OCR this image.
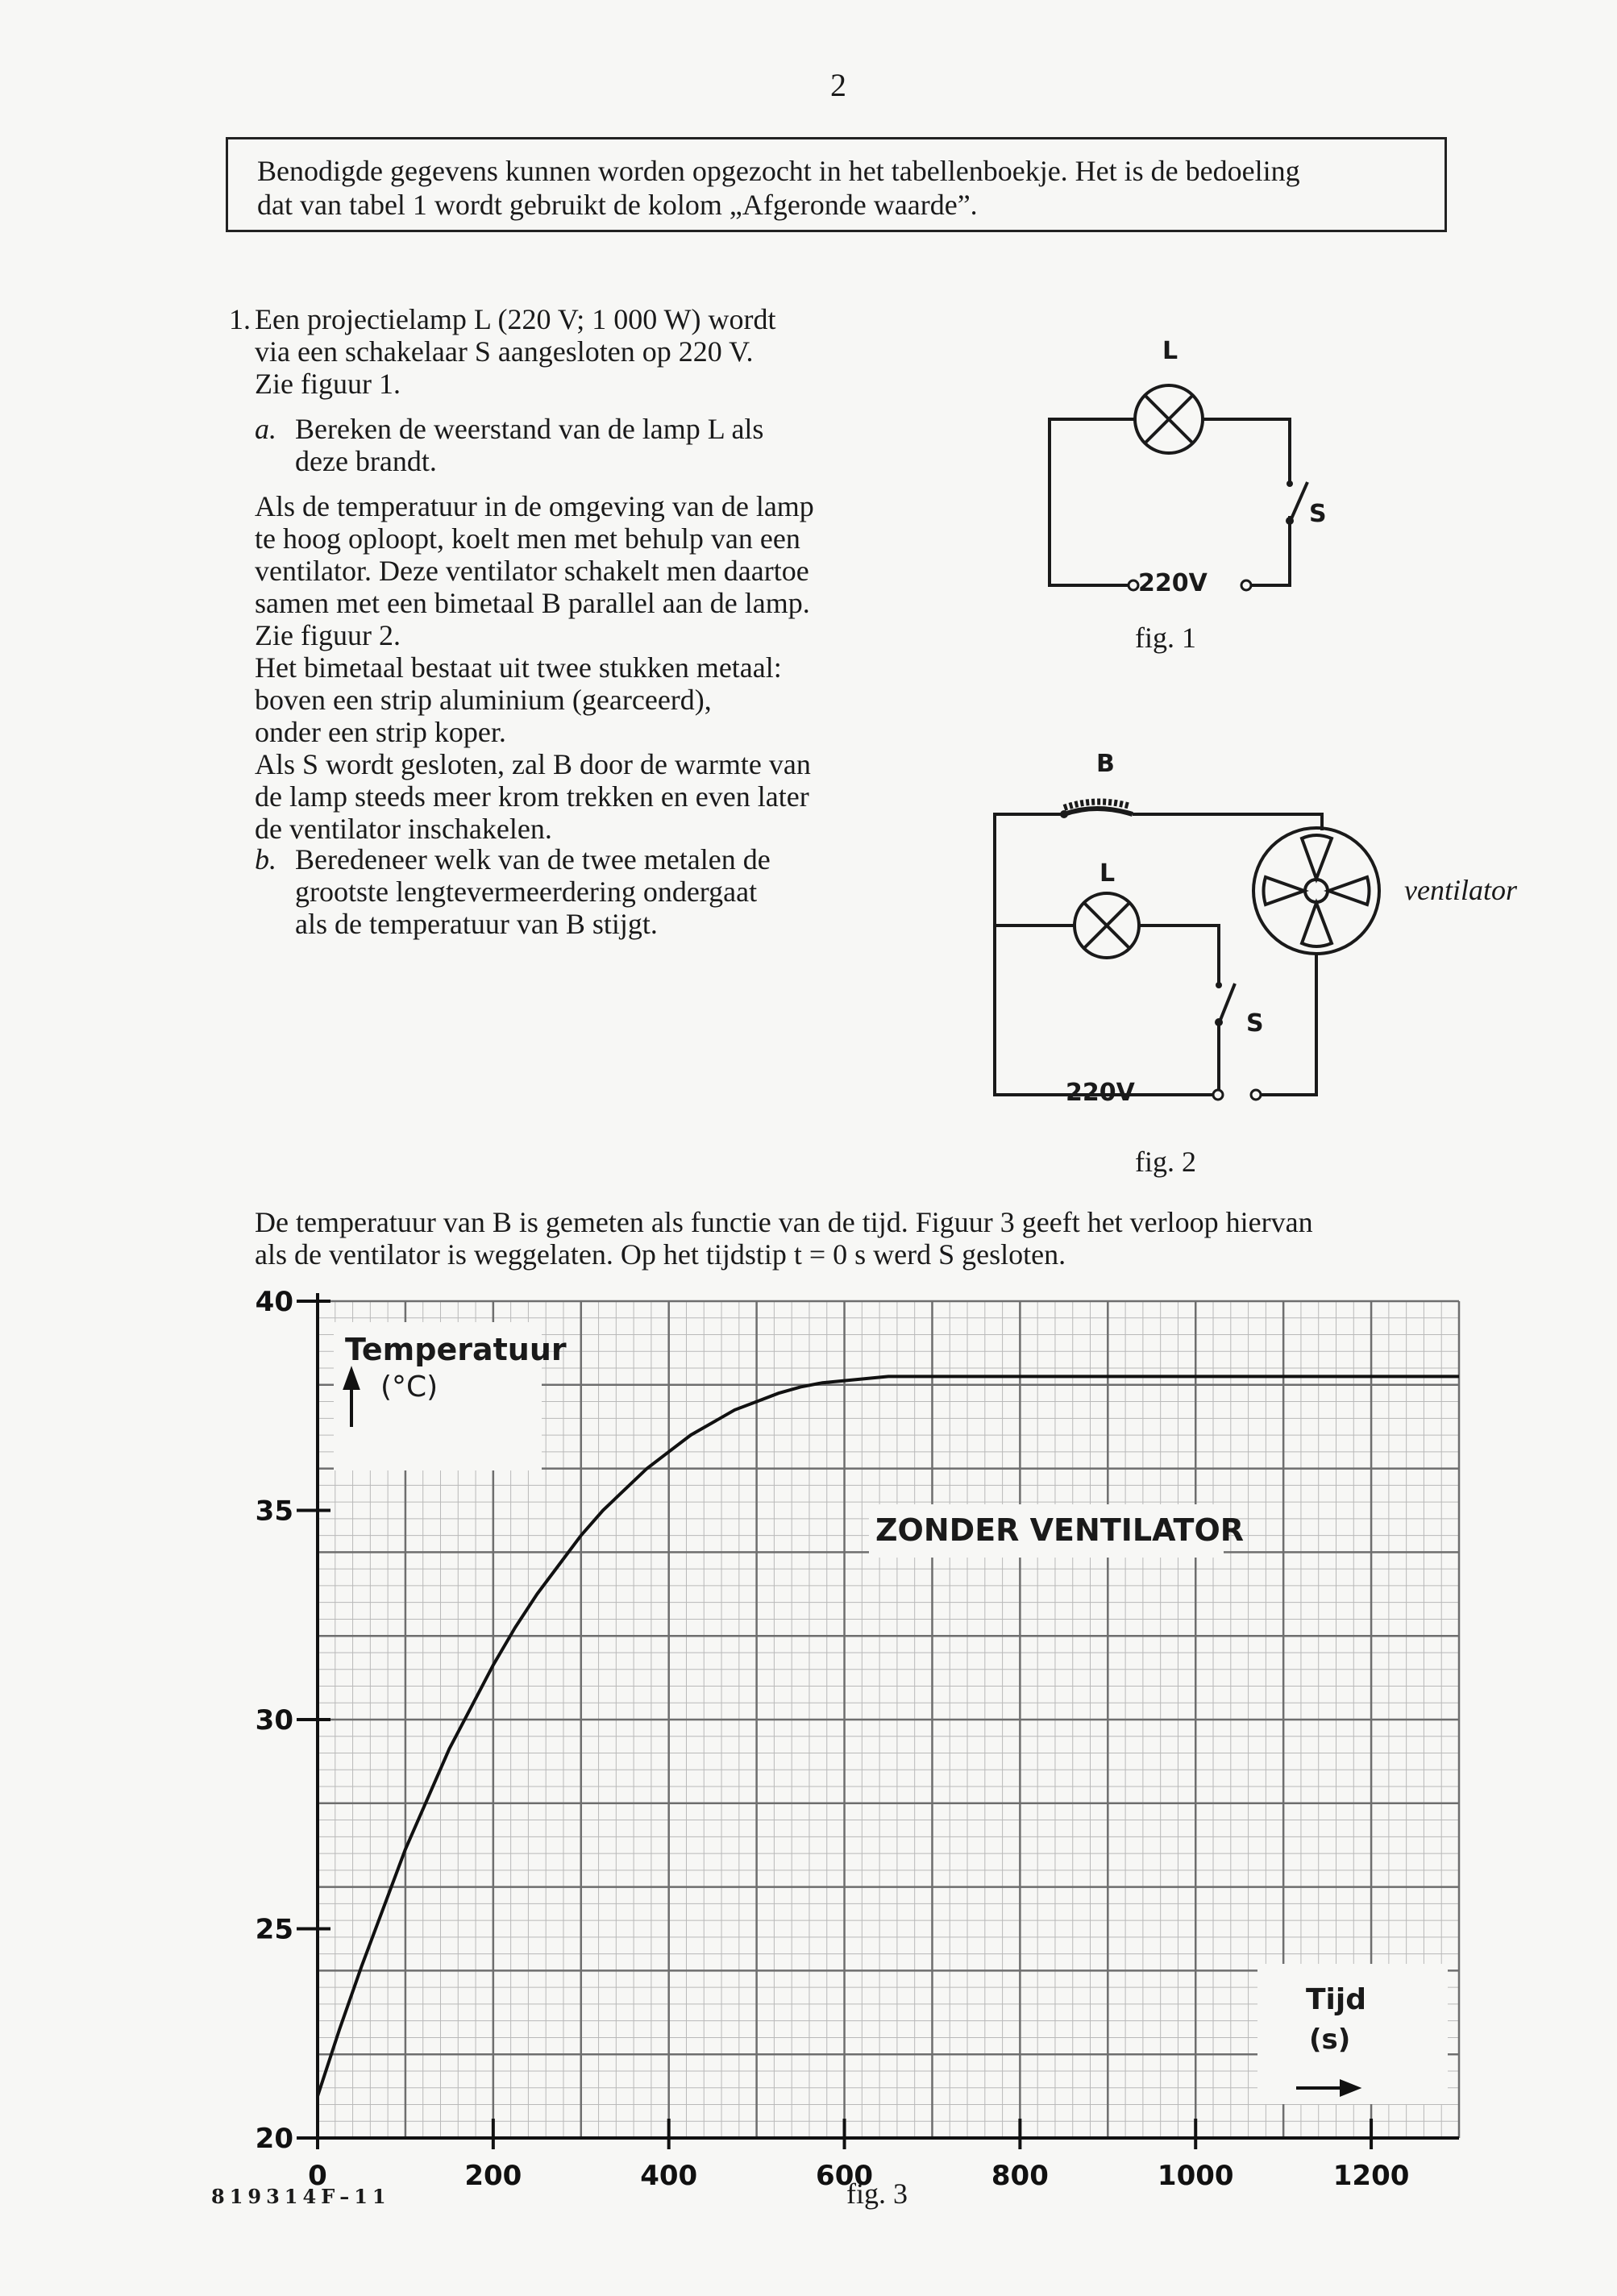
2
Benodigde gegevens kunnen worden opgezocht in het tabellenboekje. Het is de bedoeling
dat van tabel 1 wordt gebruikt de kolom „Afgeronde waarde”.
1. Een projectielamp L (220 V; 1 000 W) wordt
via een schakelaar S aangesloten op 220 V.
Zie figuur 1.
a. Bereken de weerstand van de lamp L als
deze brandt.
Als de temperatuur in de omgeving van de lamp
te hoog oploopt, koelt men met behulp van een
ventilator. Deze ventilator schakelt men daartoe
samen met een bimetaal B parallel aan de lamp.
Zie figuur 2.
Het bimetaal bestaat uit twee stukken metaal:
boven een strip aluminium (gearceerd),
onder een strip koper.
Als S wordt gesloten, zal B door de warmte van
de lamp steeds meer krom trekken en even later
de ventilator inschakelen.
b. Beredeneer welk van de twee metalen de
grootste lengtevermeerdering ondergaat
als de temperatuur van B stijgt.
L
S
220V
fig. 1
B
L
S
220V
ventilator
fig. 2
De temperatuur van B is gemeten als functie van de tijd. Figuur 3 geeft het verloop hiervan
als de ventilator is weggelaten. Op het tijdstip t = 0 s werd S gesloten.
0	200	400	600	800	1000	1200
20
25
30
35
40
Temperatuur
(°C)
ZONDER VENTILATOR
Tijd
(s)
fig. 3
819314F–11
